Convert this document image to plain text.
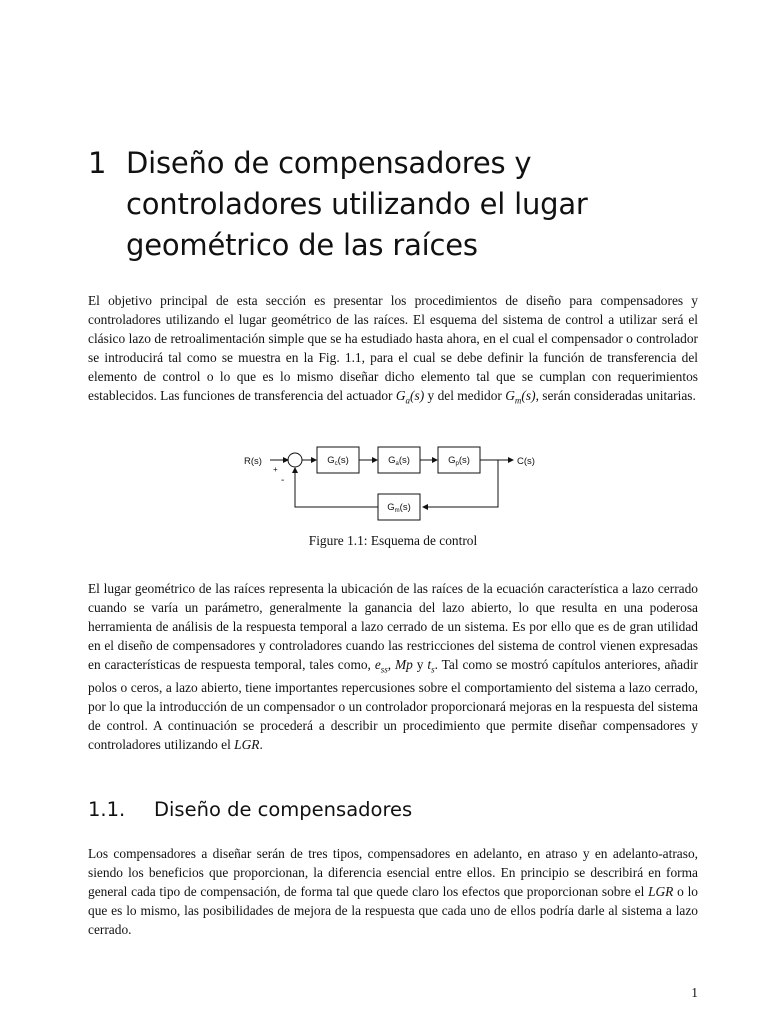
1 Diseño de compensadores y controladores utilizando el lugar geométrico de las raíces
El objetivo principal de esta sección es presentar los procedimientos de diseño para compensadores y controladores utilizando el lugar geométrico de las raíces. El esquema del sistema de control a utilizar será el clásico lazo de retroalimentación simple que se ha estudiado hasta ahora, en el cual el compensador o controlador se introducirá tal como se muestra en la Fig. 1.1, para el cual se debe definir la función de transferencia del elemento de control o lo que es lo mismo diseñar dicho elemento tal que se cumplan con requerimientos establecidos. Las funciones de transferencia del actuador $G_a(s)$ y del medidor $G_m(s)$, serán consideradas unitarias.
R(s)	C(s)
+
-
$G_c(s)$	$G_a(s)$	$G_p(s)$
$G_m(s)$
Figure 1.1: Esquema de control
El lugar geométrico de las raíces representa la ubicación de las raíces de la ecuación característica a lazo cerrado cuando se varía un parámetro, generalmente la ganancia del lazo abierto, lo que resulta en una poderosa herramienta de análisis de la respuesta temporal a lazo cerrado de un sistema. Es por ello que es de gran utilidad en el diseño de compensadores y controladores cuando las restricciones del sistema de control vienen expresadas en características de respuesta temporal, tales como, $e_{ss}$, Mp y $t_s$. Tal como se mostró capítulos anteriores, añadir polos o ceros, a lazo abierto, tiene importantes repercusiones sobre el comportamiento del sistema a lazo cerrado, por lo que la introducción de un compensador o un controlador proporcionará mejoras en la respuesta del sistema de control. A continuación se procederá a describir un procedimiento que permite diseñar compensadores y controladores utilizando el LGR.
1.1. Diseño de compensadores
Los compensadores a diseñar serán de tres tipos, compensadores en adelanto, en atraso y en adelanto-atraso, siendo los beneficios que proporcionan, la diferencia esencial entre ellos. En principio se describirá en forma general cada tipo de compensación, de forma tal que quede claro los efectos que proporcionan sobre el LGR o lo que es lo mismo, las posibilidades de mejora de la respuesta que cada uno de ellos podría darle al sistema a lazo cerrado.
1
